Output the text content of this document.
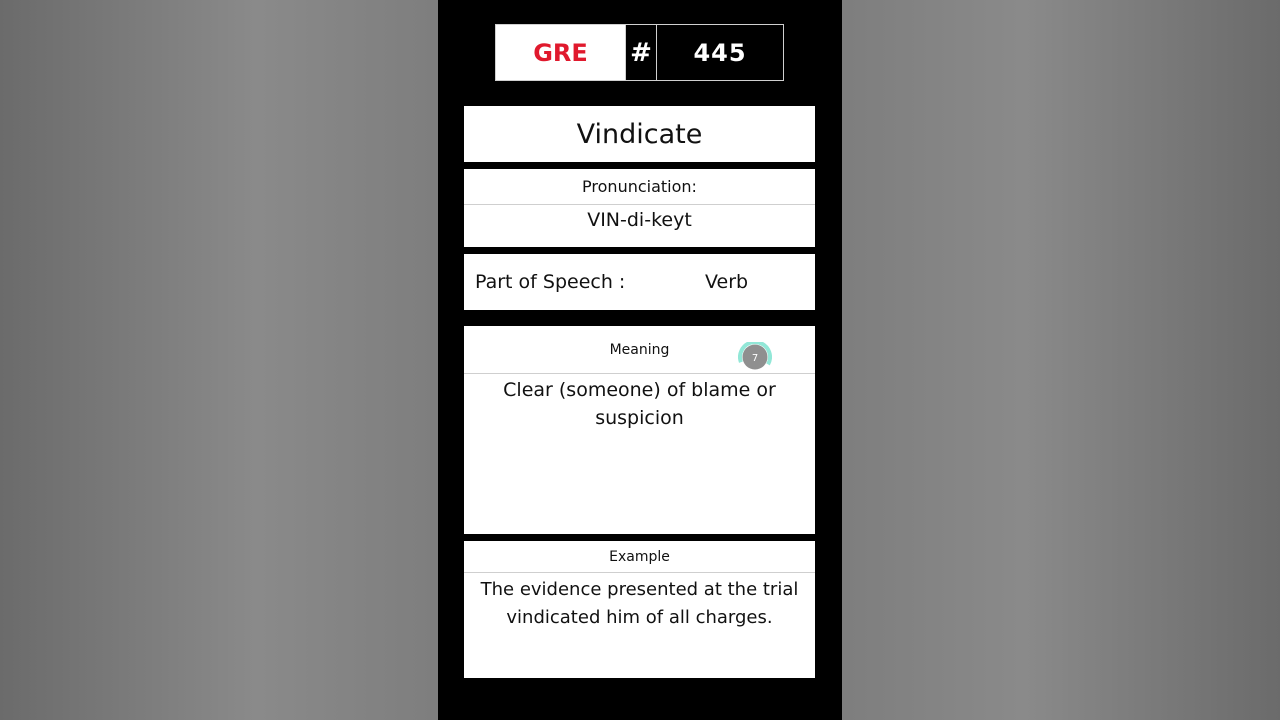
GRE	#	445
Vindicate
Pronunciation:
VIN-di-keyt
Part of Speech :	Verb
Meaning
7
Clear (someone) of blame or suspicion
Example
The evidence presented at the trial vindicated him of all charges.
